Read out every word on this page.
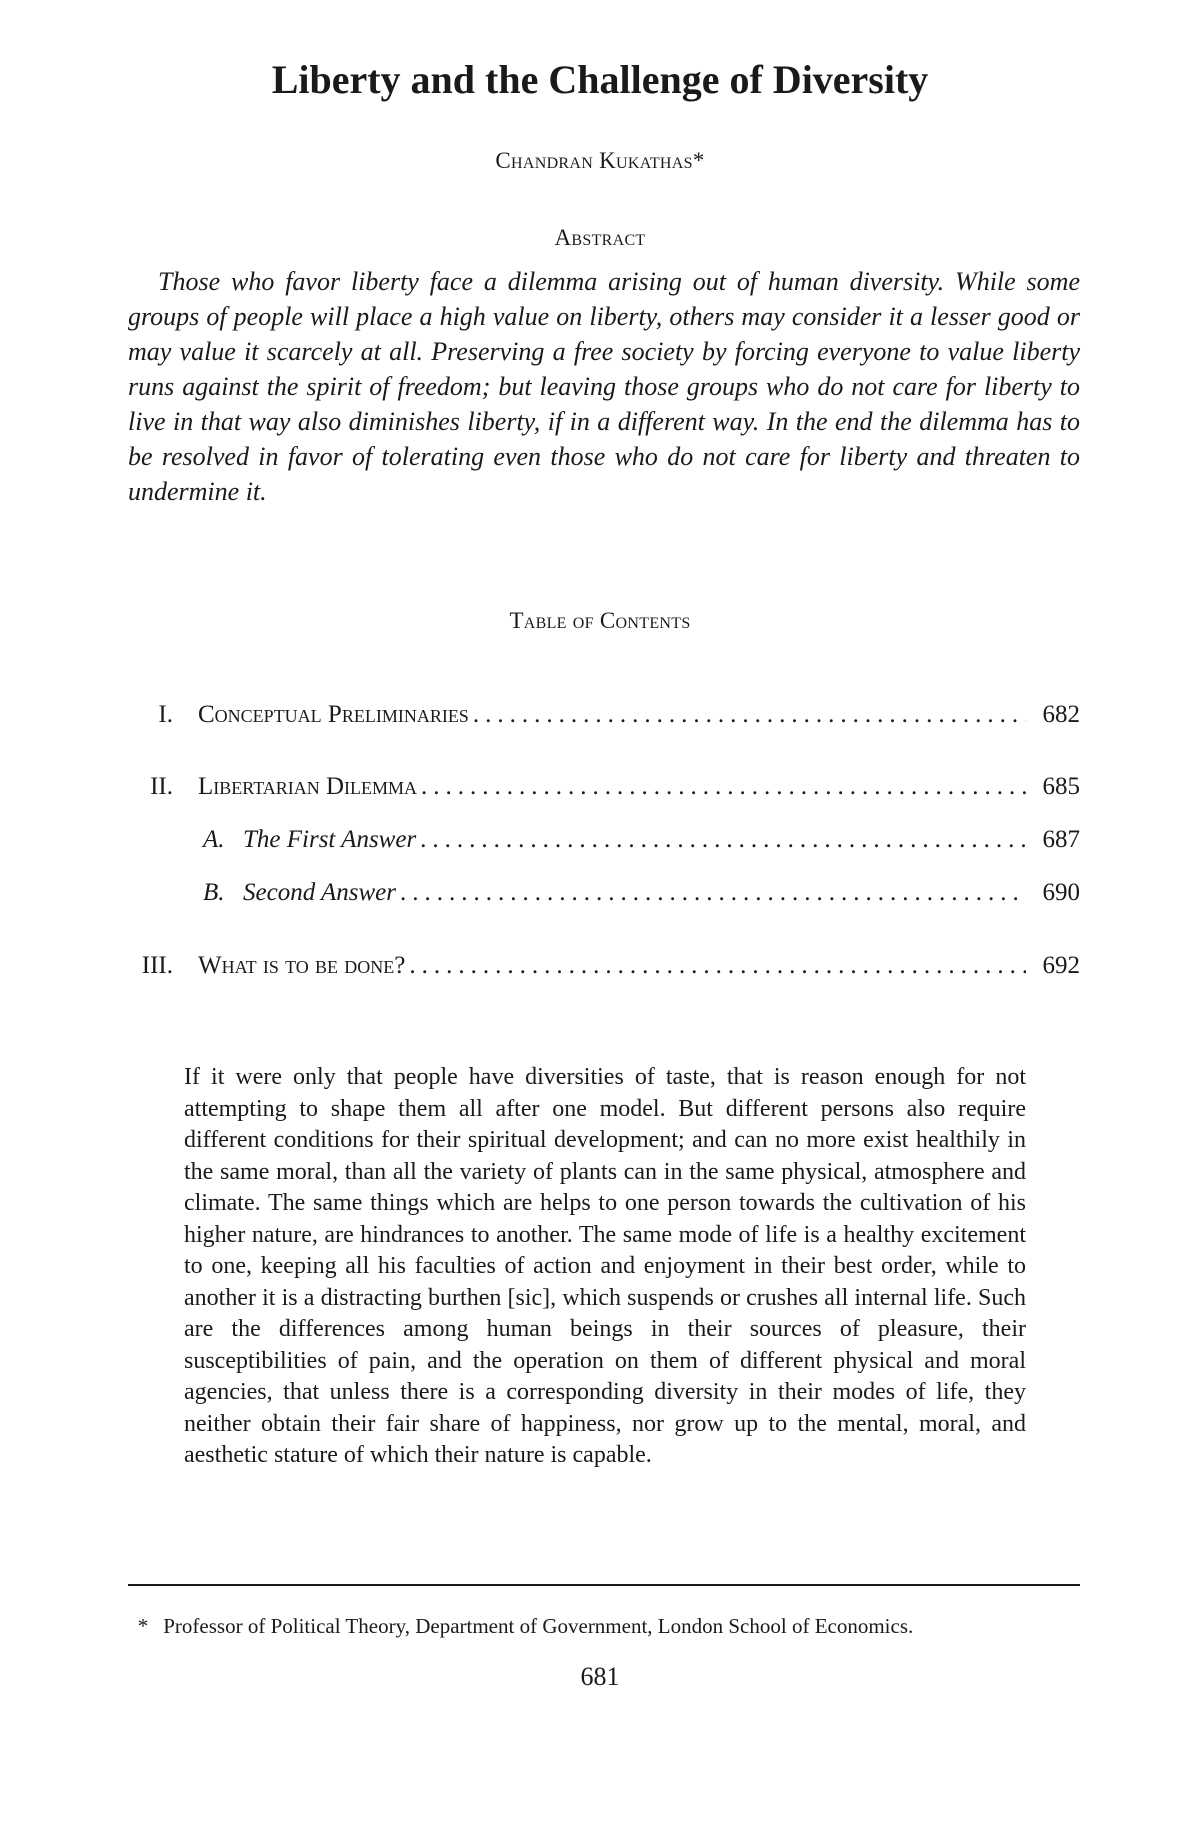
Liberty and the Challenge of Diversity
Chandran Kukathas*
Abstract

Those who favor liberty face a dilemma arising out of human diversity. While some groups of people will place a high value on liberty, others may consider it a lesser good or may value it scarcely at all. Preserving a free society by forcing everyone to value liberty runs against the spirit of freedom; but leaving those groups who do not care for liberty to live in that way also diminishes liberty, if in a different way. In the end the dilemma has to be resolved in favor of tolerating even those who do not care for liberty and threaten to undermine it.

Table of Contents
I. Conceptual Preliminaries .....	682
II. Libertarian Dilemma .....	685
A. The First Answer .....	687
B. Second Answer .....	690
III. What is to be done? .....	692

If it were only that people have diversities of taste, that is reason enough for not attempting to shape them all after one model. But different persons also require different conditions for their spiritual development; and can no more exist healthily in the same moral, than all the variety of plants can in the same physical, atmosphere and climate. The same things which are helps to one person towards the cultivation of his higher nature, are hindrances to another. The same mode of life is a healthy excitement to one, keeping all his faculties of action and enjoyment in their best order, while to another it is a distracting burthen [sic], which suspends or crushes all internal life. Such are the differences among human beings in their sources of pleasure, their susceptibilities of pain, and the operation on them of different physical and moral agencies, that unless there is a corresponding diversity in their modes of life, they neither obtain their fair share of happiness, nor grow up to the mental, moral, and aesthetic stature of which their nature is capable.

* Professor of Political Theory, Department of Government, London School of Economics.

681
